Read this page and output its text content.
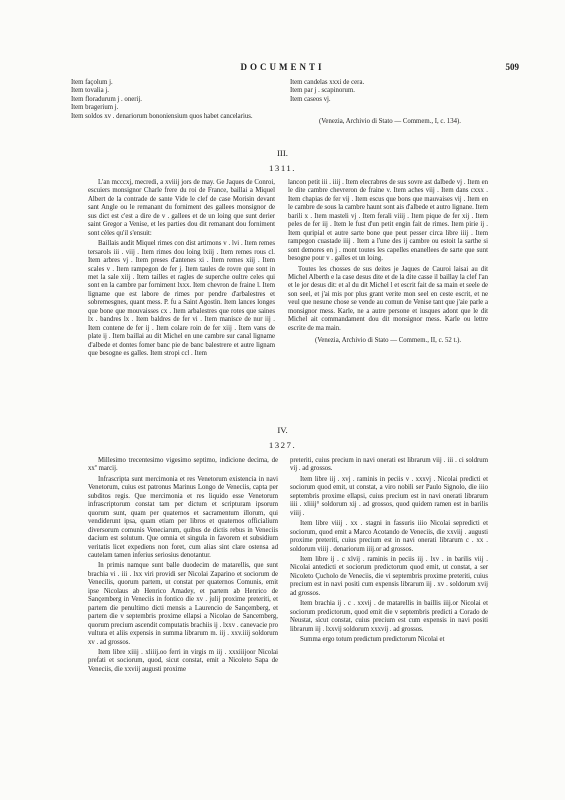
DOCUMENTI	509
Item façolum j.
Item tovalia j.
Item floradurum j . onerij.
Item bragerium j.
Item soldos xv . denariorum bononiensium quos habet cancelarius.
Item candelas xxxi de cera.
Item par j . scapinorum.
Item caseos vj.

(Venezia, Archivio di Stato — Commem., I, c. 134).

III.
1311.

L'an mcccxj, mecredi, a xviiij jors de may. Ge Jaques de Conroi, escuiers monsignor Charle frere du roi de France, baillai a Miquel Albert de la contrade de sante Vide le clef de case Morisin devant sant Angle ou le remanant du forniment des gallees monsignor de sus dict est c'est a dire de v . gallees et de un loing que sunt derier saint Gregor a Venise, et les parties dou dit remanant dou forniment sont cèles qu'il s'ensuit:

Baillais audit Miquel rimes con dist artimons v . lvi . Item remes tersarols iii . viij . Item rimes dou loing lxiij . Item remes rous cl. Item arbres vj . Item preses d'antenes xi . Item remes xiij . Item scales v . Item rampegon de fer j. Item taules de rovre que sont in met la sale xiij . Item tailles et ragles de superche oultre celes qui sont en la cambre par forniment lxxx. Item chevron de fraine l. Item ligname que est labore de rimes por pendre d'arbalestres et sobremesgnes, quant mess. P. fu a Saint Agostin. Item lances longes que bone que mouvaisses cx . Item arbalestres que rotes que saines lx . bandres lx . Item baldres de fer vi . Item manisce de nur iij . Item contene de fer ij . Item colare roin de fer xiij . Item vans de plate ij . Item baillai au dit Michel en une cambre sur canal ligname d'albede et dontes fomer banc pie de banc balestrere et autre lignam que besogne es galles. Item stropi ccl . Item

lancon petit iii . iiij . Item elecrabres de sus sovre ast dalbede vj . Item en le dite cambre chevreron de fraine v. Item aches viij . Item dans cxxx . Item chapias de fer vij . Item escus que bons que mauvaises vij . Item en le cambre de sous la cambre haunt sont ais d'albede et autro lignane. Item barili x . Item masteli vj . Item ferali viiij . Item pique de fer xij . Item peles de fer iij . Item le fust d'un petit engin fait de rimes. Item pirie ij . Item quripial et autre sarte bone que peut pesser circa libre iiij . Item rampegon cuastade iiij . Item a l'une des ij cambre ou estoit la sarthe si sont demores en j . mont toutes les capelles enanellees de sarte que sunt besogne pour v . galles et un loing.

Toutes les chosses de sus deites je Jaques de Cauroi laisai au dit Michel Alberth e la case desus dite et de la dite casse il baillay la clef l'an et le jor desus dit: et al du dit Michel l et escrit fait de sa main et seele de son seel, et j'ai mis por plus grant verite mon seel en ceste escrit, et ne veul que nesune chose se vende au comun de Venise tant que j'aie parle a monsignor mess. Karle, ne a autre persone et iusques adont que le dit Michel ait commandament dou dit monsignor mess. Karle ou lettre escrite de ma main.

(Venezia, Archivio di Stato — Commem., II, c. 52 t.).

IV.
1327.

Millesimo trecentesimo vigesimo septimo, indicione decima, de xxº marcij.

Infrascripta sunt mercimonia et res Venetorum existencia in navi Venetorum, cuius est patronus Marinus Longo de Veneciis, capta per subditos regis. Que mercimonia et res liquido esse Venetorum infrascriptorum constat tam per dictum et scripturam ipsorum quorum sunt, quam per quaternos et sacramentum illorum, qui vendiderunt ipsa, quam etiam per libros et quaternos officialium diversorum comunis Veneciarum, quibus de dictis rebus in Veneciis dacium est solutum. Que omnia et singula in favorem et subsidium veritatis licet expediens non foret, cum alias sint clare ostensa ad cautelam tamen inferius seriosius denotantur.

In primis namque sunt balle duodecim de matarellis, que sunt brachia vi . iii . lxx viri providi ser Nicolai Zaparino et sociorum de Venecilis, quorum partem, ut constat per quaternos Comunis, emit ipse Nicolaus ab Henrico Amadey, et partem ab Henrico de Sançemberg in Veneciis in fontico die xv . julij proxime preteriti, et partem die penultimo dicti mensis a Laurencio de Sançemberg, et partem die v septembris proxime ellapsi a Nicolao de Sancemberg, quorum precium ascendit computatis brachiis ij . lxxv . canevacie pro vultura et aliis expensis in summa librarum m. iij . xxv.iiij soldorum xv . ad grossos.

Item libre xiiij . xliiij.oo ferri in virgis m iij . xxxiiijoor Nicolai prefati et sociorum, quod, sicut constat, emit a Nicoleto Sapa de Veneciis, die xxviij augusti proxime

preteriti, cuius precium in navi onerati est librarum viij . iii . ci soldrum vij . ad grossos.

Item libre iij . xvj . raminis in peciis v . xxxvj . Nicolai predicti et sociorum quod emit, ut constat, a viro nobili ser Paulo Signolo, die iiio septembris proxime ellapsi, cuius precium est in navi onerati librarum iiii . xliiij° soldorum xij . ad grossos, quod quidem ramen est in barilis viiij .

Item libre viiij . xx . stagni in fassuris iiio Nicolai sepredicti et sociorum, quod emit a Marco Acotando de Veneciis, die xxviij . augusti proxime preteriti, cuius precium est in navi onerati librarum c . xx . soldorum viiij . denariorum iiij.or ad grossos.

Item libre ij . c xlvij . raminis in peciis iij . lxv . in barilis viij . Nicolai antedicti et sociorum predictorum quod emit, ut constat, a ser Nicoleto Çucholo de Veneciis, die vi septembris proxime preteriti, cuius precium est in navi positi cum expensis librarum iij . xv . soldorum xvij ad grossos.

Item brachia ij . c . xxvij . de matarellis in baillis iiij.or Nicolai et sociorum predictorum, quod emit die v septembris predicti a Corado de Neustat, sicut constat, cuius precium est cum expensis in navi positi librarum iij . lxxvij soldorum xxxvij . ad grossos.

Summa ergo totum predictum predictorum Nicolai et
